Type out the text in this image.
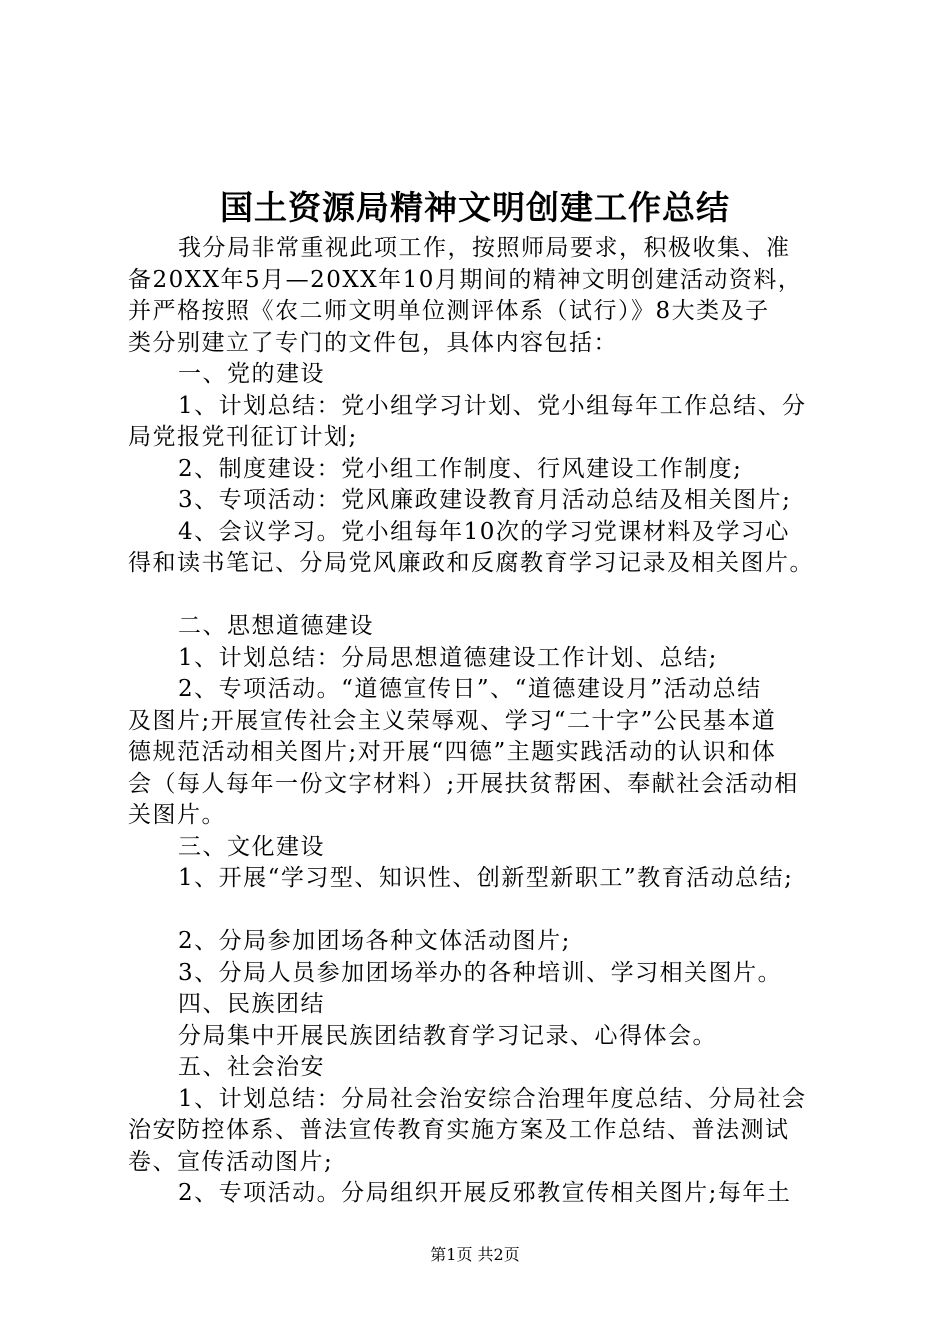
国土资源局精神文明创建工作总结
我分局非常重视此项工作，按照师局要求，积极收集、准
备20XX年5月—20XX年10月期间的精神文明创建活动资料，
并严格按照《农二师文明单位测评体系（试行）》8大类及子
类分别建立了专门的文件包，具体内容包括：
一、党的建设
1、计划总结：党小组学习计划、党小组每年工作总结、分
局党报党刊征订计划;
2、制度建设：党小组工作制度、行风建设工作制度;
3、专项活动：党风廉政建设教育月活动总结及相关图片;
4、会议学习。党小组每年10次的学习党课材料及学习心
得和读书笔记、分局党风廉政和反腐教育学习记录及相关图片。
二、思想道德建设
1、计划总结：分局思想道德建设工作计划、总结;
2、专项活动。“道德宣传日”、“道德建设月”活动总结
及图片;开展宣传社会主义荣辱观、学习“二十字”公民基本道
德规范活动相关图片;对开展“四德”主题实践活动的认识和体
会（每人每年一份文字材料）;开展扶贫帮困、奉献社会活动相
关图片。
三、文化建设
1、开展“学习型、知识性、创新型新职工”教育活动总结;
2、分局参加团场各种文体活动图片;
3、分局人员参加团场举办的各种培训、学习相关图片。
四、民族团结
分局集中开展民族团结教育学习记录、心得体会。
五、社会治安
1、计划总结：分局社会治安综合治理年度总结、分局社会
治安防控体系、普法宣传教育实施方案及工作总结、普法测试
卷、宣传活动图片;
2、专项活动。分局组织开展反邪教宣传相关图片;每年土
第1页 共2页
